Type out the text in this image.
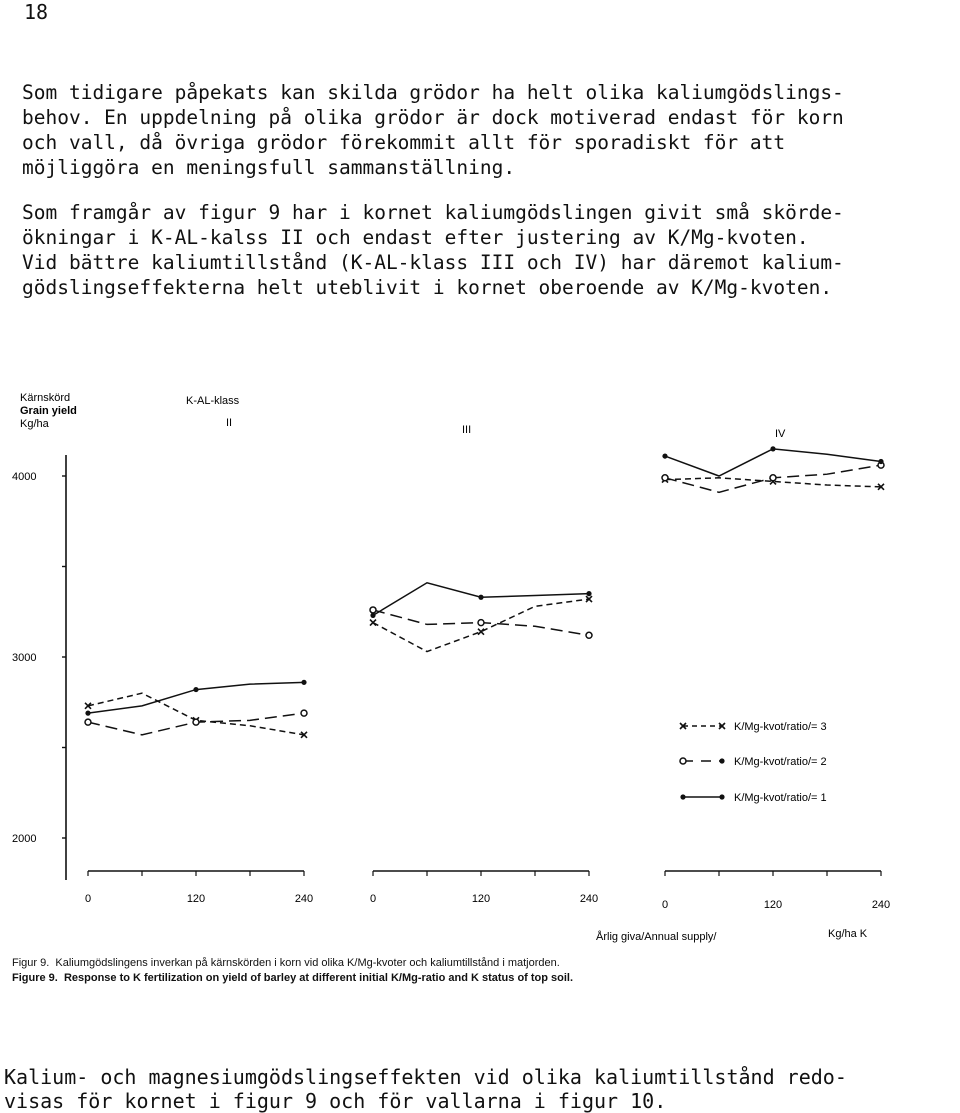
18
Som tidigare påpekats kan skilda grödor ha helt olika kaliumgödslings-
behov. En uppdelning på olika grödor är dock motiverad endast för korn
och vall, då övriga grödor förekommit allt för sporadiskt för att
möjliggöra en meningsfull sammanställning.
Som framgår av figur 9 har i kornet kaliumgödslingen givit små skörde-
ökningar i K-AL-kalss II och endast efter justering av K/Mg-kvoten.
Vid bättre kaliumtillstånd (K-AL-klass III och IV) har däremot kalium-
gödslingseffekterna helt uteblivit i kornet oberoende av K/Mg-kvoten.
Kärnskörd
Grain yield
Kg/ha
K-AL-klass
II
III	IV
2000
3000
4000
0	120	240	0	120	240	0	120	240
K/Mg-kvot/ratio/= 3
K/Mg-kvot/ratio/= 2
K/Mg-kvot/ratio/= 1
Årlig giva/Annual supply/	Kg/ha K
Figur 9.  Kaliumgödslingens inverkan på kärnskörden i korn vid olika K/Mg-kvoter och kaliumtillstånd i matjorden.
Figure 9.  Response to K fertilization on yield of barley at different initial K/Mg-ratio and K status of top soil.
Kalium- och magnesiumgödslingseffekten vid olika kaliumtillstånd redo-
visas för kornet i figur 9 och för vallarna i figur 10.
